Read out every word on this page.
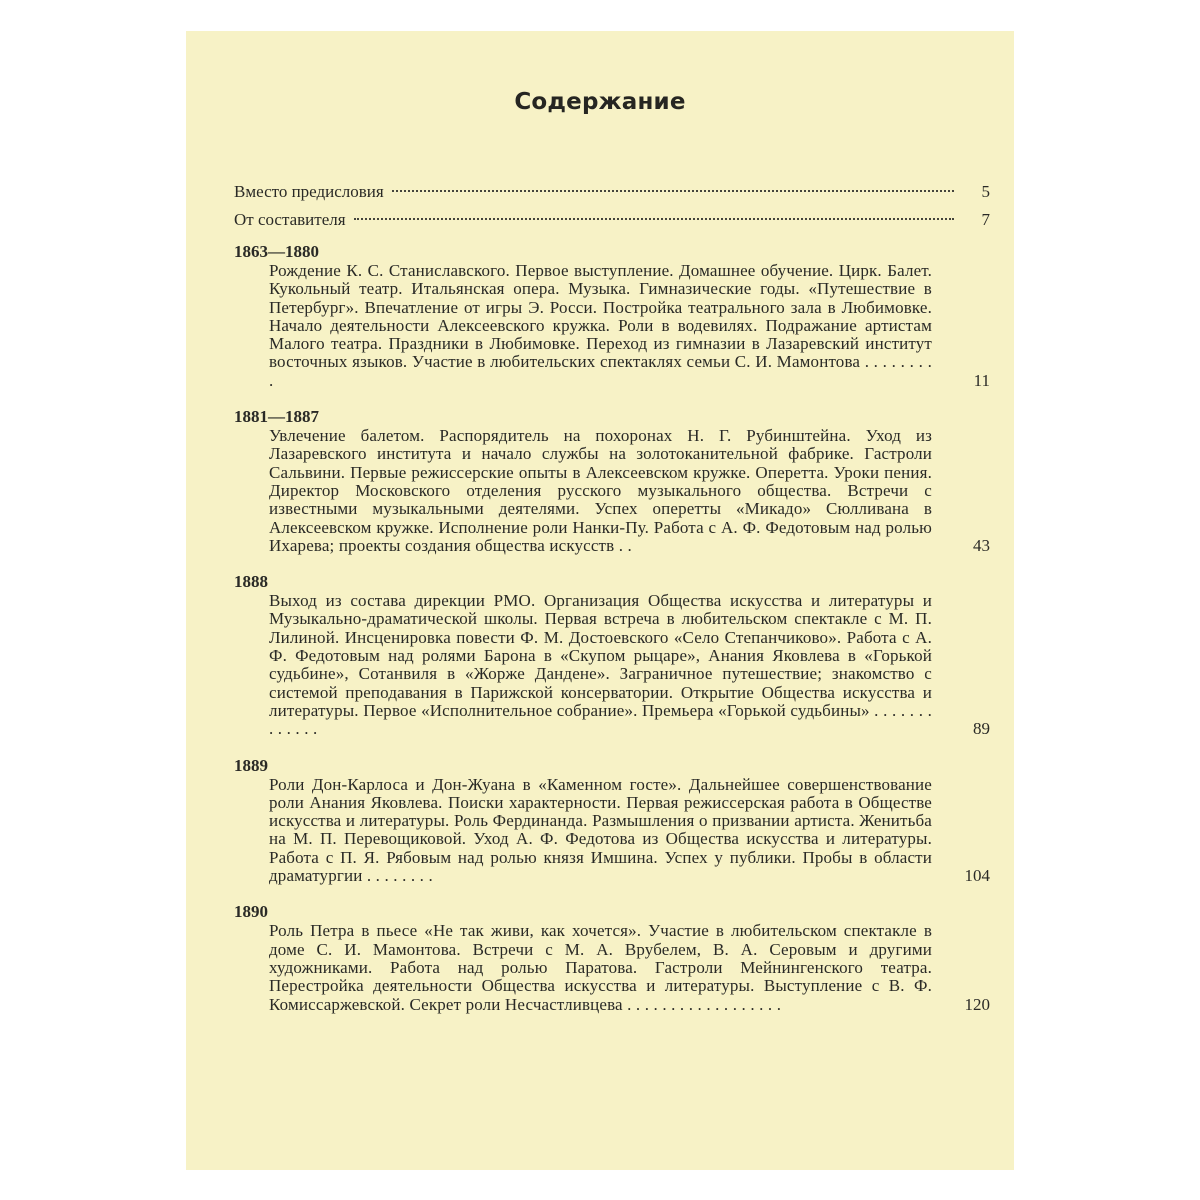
Содержание
Вместо предисловия	5
От составителя	7
1863—1880
Рождение К. С. Станиславского. Первое выступление. Домашнее обучение. Цирк. Балет. Кукольный театр. Итальянская опера. Музыка. Гимназические годы. «Путешествие в Петербург». Впечатление от игры Э. Росси. Постройка театрального зала в Любимовке. Начало деятельности Алексеевского кружка. Роли в водевилях. Подражание артистам Малого театра. Праздники в Любимовке. Переход из гимназии в Лазаревский институт восточных языков. Участие в любительских спектаклях семьи С. И. Мамонтова . . . . . . . . .	11
1881—1887
Увлечение балетом. Распорядитель на похоронах Н. Г. Рубинштейна. Уход из Лазаревского института и начало службы на золотоканительной фабрике. Гастроли Сальвини. Первые режиссерские опыты в Алексеевском кружке. Оперетта. Уроки пения. Директор Московского отделения русского музыкального общества. Встречи с известными музыкальными деятелями. Успех оперетты «Микадо» Сюлливана в Алексеевском кружке. Исполнение роли Нанки-Пу. Работа с А. Ф. Федотовым над ролью Ихарева; проекты создания общества искусств . .	43
1888
Выход из состава дирекции РМО. Организация Общества искусства и литературы и Музыкально-драматической школы. Первая встреча в любительском спектакле с М. П. Лилиной. Инсценировка повести Ф. М. Достоевского «Село Степанчиково». Работа с А. Ф. Федотовым над ролями Барона в «Скупом рыцаре», Анания Яковлева в «Горькой судьбине», Сотанвиля в «Жорже Дандене». Заграничное путешествие; знакомство с системой преподавания в Парижской консерватории. Открытие Общества искусства и литературы. Первое «Исполнительное собрание». Премьера «Горькой судьбины» . . . . . . . . . . . . .	89
1889
Роли Дон-Карлоса и Дон-Жуана в «Каменном госте». Дальнейшее совершенствование роли Анания Яковлева. Поиски характерности. Первая режиссерская работа в Обществе искусства и литературы. Роль Фердинанда. Размышления о призвании артиста. Женитьба на М. П. Перевощиковой. Уход А. Ф. Федотова из Общества искусства и литературы. Работа с П. Я. Рябовым над ролью князя Имшина. Успех у публики. Пробы в области драматургии . . . . . . . .	104
1890
Роль Петра в пьесе «Не так живи, как хочется». Участие в любительском спектакле в доме С. И. Мамонтова. Встречи с М. А. Врубелем, В. А. Серовым и другими художниками. Работа над ролью Паратова. Гастроли Мейнингенского театра. Перестройка деятельности Общества искусства и литературы. Выступление с В. Ф. Комиссаржевской. Секрет роли Несчастливцева . . . . . . . . . . . . . . . . . .	120
